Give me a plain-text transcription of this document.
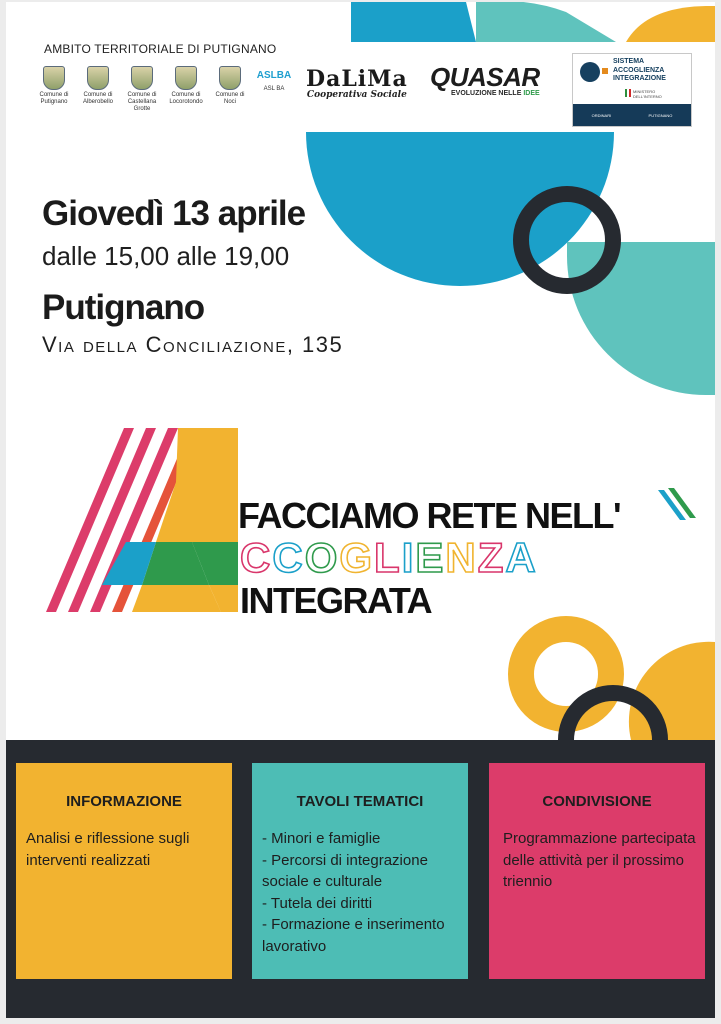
AMBITO TERRITORIALE DI PUTIGNANO
Comune di
Putignano
Comune di
Alberobello
Comune di
Castellana Grotte
Comune di
Locorotondo
Comune di
Noci
ASLBA
ASL BA DaLiMa
Cooperativa Sociale
QUASAR
EVOLUZIONE NELLE IDEE
SISTEMA
ACCOGLIENZA
INTEGRAZIONE
MINISTERO DELL'INTERNO
ORDINARI	PUTIGNANO
Giovedì 13 aprile
dalle 15,00 alle 19,00
Putignano
Via della Conciliazione, 135
FACCIAMO RETE NELL'
CCOGLIENZA
INTEGRATA
INFORMAZIONE
Analisi e riflessione sugli interventi realizzati
TAVOLI TEMATICI
- Minori e famiglie
- Percorsi di integrazione sociale e culturale
- Tutela dei diritti
- Formazione e inserimento lavorativo
CONDIVISIONE
Programmazione partecipata delle attività per il prossimo triennio
